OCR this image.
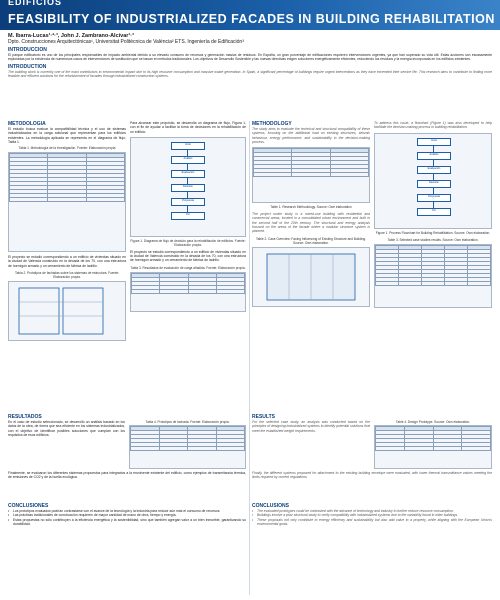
EDIFICIOS
FEASIBILITY OF INDUSTRIALIZED FACADES IN BUILDING REHABILITATION
M. Ibarra-Lucas¹·²·³, John J. Zambrano-Alcívar¹·³
Dpto. Construcciones Arquitectónicas¹, Universitat Politècnica de València² ETS. Ingeniería de Edificación³
INTRODUCCIÓN
El parque edificatorio es uno de los principales responsables de impacto ambiental debido a su elevado consumo de recursos y generación masiva de residuos. En España, un gran porcentaje de edificaciones requieren intervenciones urgentes, ya que han superado su vida útil. Estas acciones son escasamente exploradas por la existencia de numerosos casos de intervenciones de sustitución que se basan en métodos tradicionales. Los objetivos de Desarrollo Sostenible y las nuevas directivas exigen soluciones energéticamente eficientes, reduciendo los residuos y la energía incorporada en los edificios existentes.
INTRODUCTION
The building stock is currently one of the main contributors to environmental impact due to its high resource consumption and massive waste generation. In Spain, a significant percentage of buildings require urgent interventions as they have exceeded their service life. This research aims to contribute to finding more feasible and efficient solutions for the refurbishment of facades through industrialized construction systems.
METODOLOGÍA
El estudio busca evaluar la compatibilidad técnica y el uso de sistemas industrializados en la carga adicional que representan para los edificios existentes. La metodología aplicada se representa en el diagrama de flujo, Tabla 1.
Tabla 1. Metodología de la investigación. Fuente: Elaboración propia

El proyecto se estudió correspondiendo a un edificio de viviendas situado en la ciudad de Valencia construido en la década de los 70, con una estructura de hormigón armado y un cerramiento de fábrica de ladrillo.
Tabla 2. Prototipos de fachadas sobre los sistemas de estructura. Fuente: Elaboración propia.
Para alcanzar este propósito, se desarrolla un diagrama de flujo, Figura 1, con el fin de ayudar a facilitar la toma de decisiones en la rehabilitación de un edificio.
Inicio
Análisis
Evaluación
Decisión
Propuesta
Fin
Figura 1. Diagrama de flujo de decisión para la rehabilitación de edificios. Fuente: Elaboración propia.
El proyecto se estudió correspondiendo a un edificio de viviendas situado en la ciudad de Valencia construido en la década de los 70, con una estructura de hormigón armado y un cerramiento de fábrica de ladrillo.
Tabla 3. Resultados de evaluación de carga añadida. Fuente: Elaboración propia.

METHODOLOGY
The study aims to evaluate the technical and structural compatibility of these systems, focusing on the additional load on existing structures, seismic behaviour, energy performance, and sustainability in the decision-making process.

Table 1. Research Methodology. Source: Own elaboration
The project under study is a mixed-use building with residential and commercial areas, located in a consolidated urban environment and built in the second half of the 20th century. The structural and energy analysis focused on the areas of the facade where a modular structure system is planned.
Table 2. Case Overview: Facing Influencing of Existing Structure and Building. Source: Own elaboration.
To address this issue, a flowchart (Figure 1) was also developed to help facilitate the decision-making process in building rehabilitation.
Inicio
Análisis
Evaluación
Decisión
Propuesta
Fin
Figure 1. Process Flowchart for Building Rehabilitation. Source: Own elaboration.
Table 3. Selected case studies results. Source: Own elaboration.

RESULTADOS
En el caso de estudio seleccionado, se desarrolló un análisis basado en los datos de la obra, de forma que sea eficiente en los sistemas industrializados, con el objetivo de identificar posibles soluciones que cumplan con los requisitos de esos edificios.
Tabla 4. Prototipos de fachada. Fuente: Elaboración propia.

Finalmente, se evaluaron los diferentes sistemas propuestos para integrarlos a la envolvente existente del edificio, como ejemplos de transmitancia térmica, de emisiones de CO2 y de la huella ecológica.
RESULTS
For the selected case study, an analysis was conducted based on the principles of designing industrialized systems to identify potential solutions that meet the established weight requirements.
Table 4. Design Prototype. Source: Own elaboration.

Finally, the different systems proposed for attachment to the existing building envelope were evaluated, with lower thermal transmittance values meeting the limits required by current regulations.
CONCLUSIONES
• Los prototipos evaluados podrían contrastarse con el avance de la tecnología y la industria para reducir aún más el consumo de recursos.
• Las prácticas tradicionales de construcción requieren de mayor cantidad de mano de obra, tiempo y energía.
• Estas propuestas no sólo contribuyen a la eficiencia energética y la sostenibilidad, sino que también agregan valor a un bien inmueble, garantizando su durabilidad.
CONCLUSIONS
• The evaluated prototypes could be contrasted with the advance of technology and industry to further reduce resource consumption.
• Buildings involve a prior structural study to verify compatibility with industrialized systems due to the variability found in older buildings.
• These proposals not only contribute to energy efficiency and sustainability but also add value to a property, while aligning with the European Union's environmental goals.
